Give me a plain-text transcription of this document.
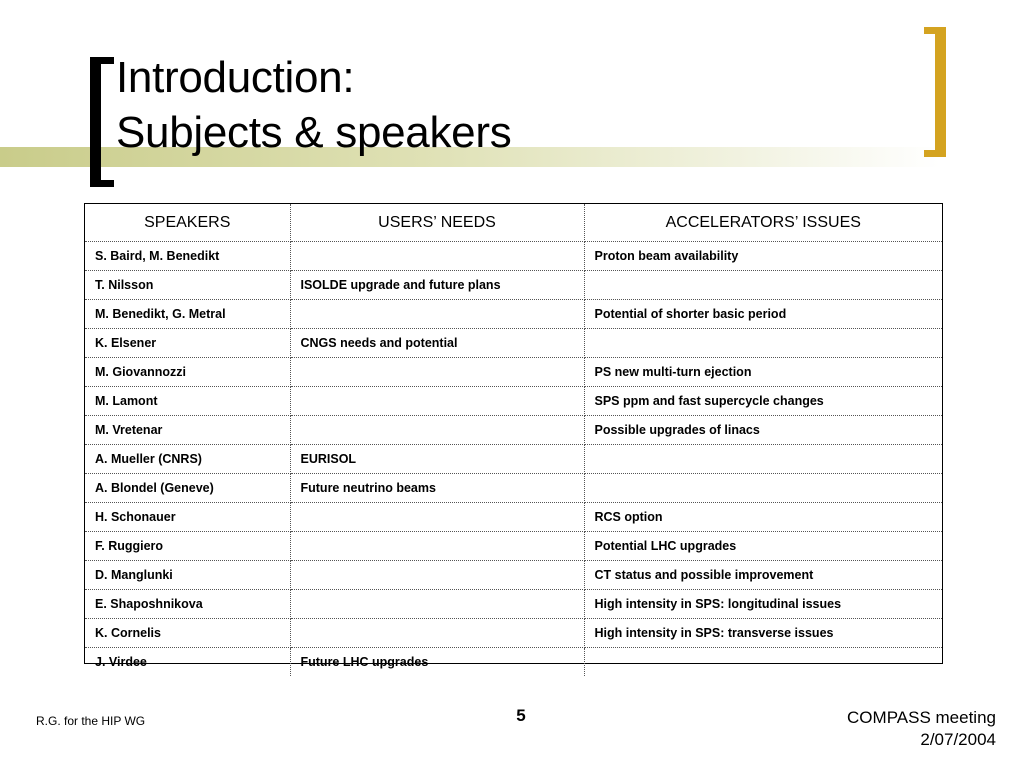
Introduction:
Subjects & speakers
SPEAKERS	USERS’ NEEDS	ACCELERATORS’ ISSUES
S. Baird, M. Benedikt		Proton beam availability
T. Nilsson	ISOLDE upgrade and future plans	
M. Benedikt, G. Metral		Potential of shorter basic period
K. Elsener	CNGS needs and potential	
M. Giovannozzi		PS new multi-turn ejection
M. Lamont		SPS ppm and fast supercycle changes
M. Vretenar		Possible upgrades of linacs
A. Mueller (CNRS)	EURISOL	
A. Blondel (Geneve)	Future neutrino beams	
H. Schonauer		RCS option
F. Ruggiero		Potential LHC upgrades
D. Manglunki		CT status and possible improvement
E. Shaposhnikova		High intensity in SPS: longitudinal issues
K. Cornelis		High intensity in SPS: transverse issues
J. Virdee	Future LHC upgrades	
R.G. for the HIP WG	5	COMPASS meeting
2/07/2004
